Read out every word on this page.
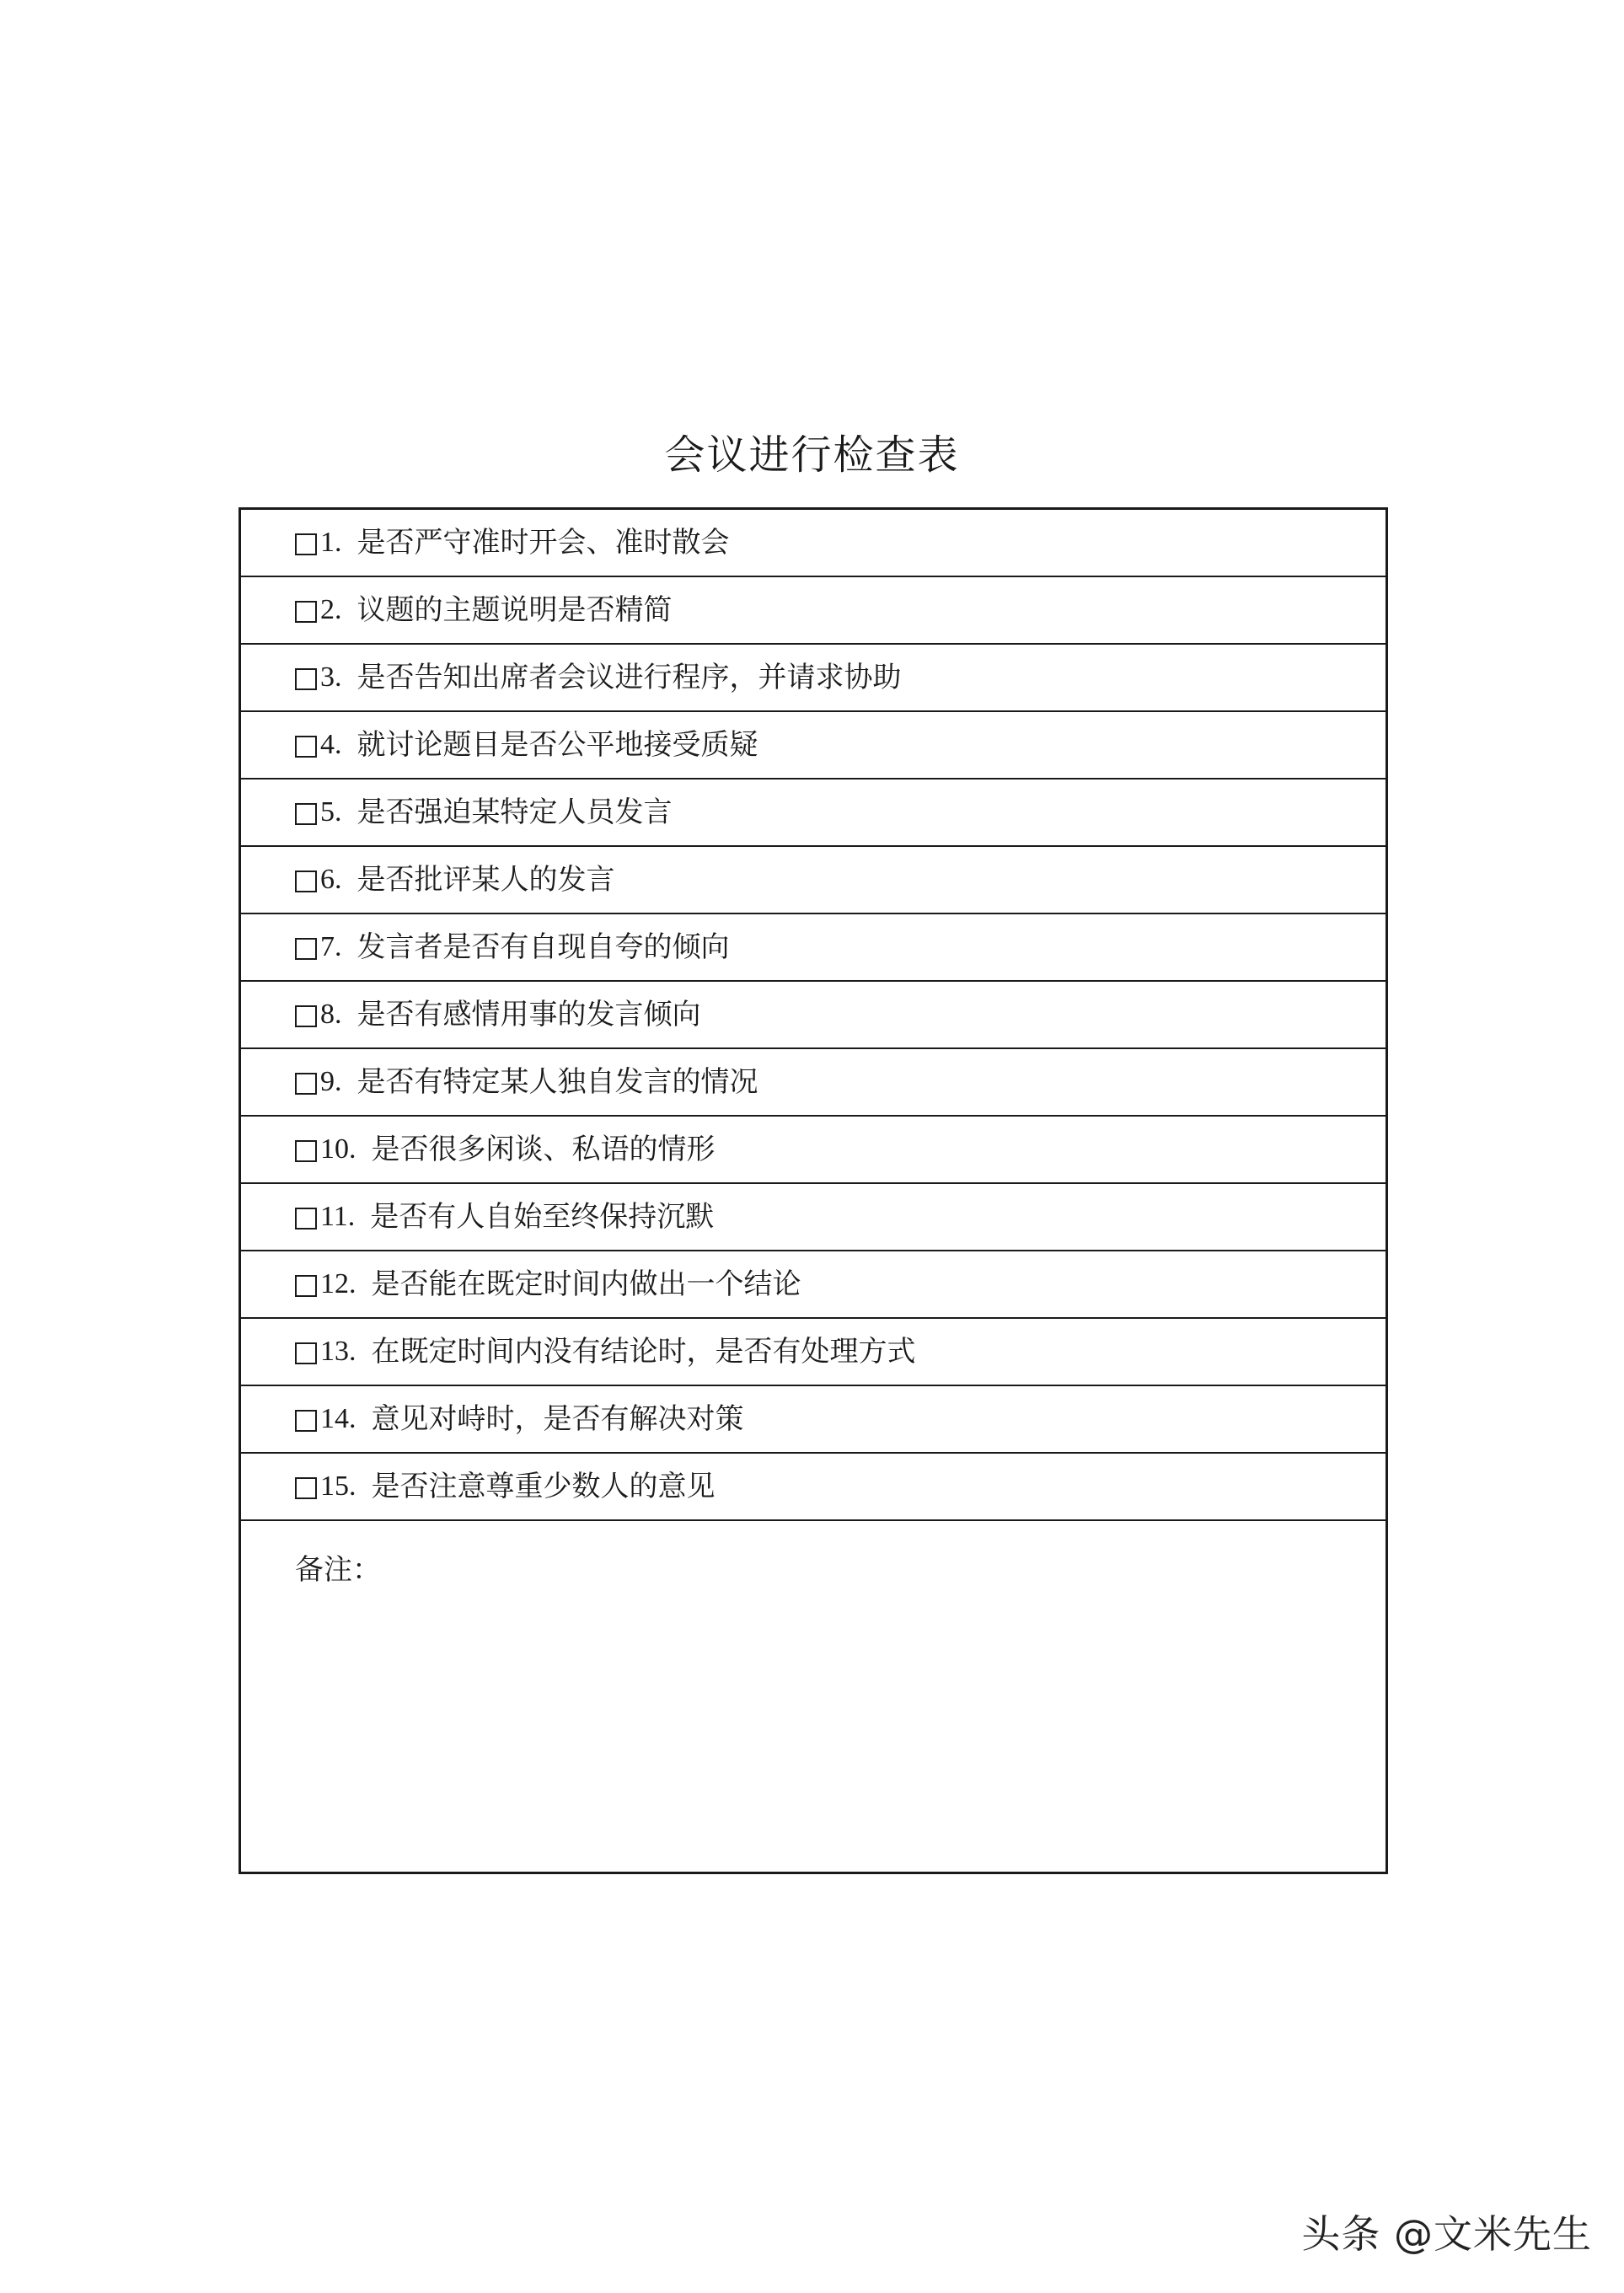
会议进行检查表
1. 是否严守准时开会、准时散会
2. 议题的主题说明是否精简
3. 是否告知出席者会议进行程序，并请求协助
4. 就讨论题目是否公平地接受质疑
5. 是否强迫某特定人员发言
6. 是否批评某人的发言
7. 发言者是否有自现自夸的倾向
8. 是否有感情用事的发言倾向
9. 是否有特定某人独自发言的情况
10. 是否很多闲谈、私语的情形
11. 是否有人自始至终保持沉默
12. 是否能在既定时间内做出一个结论
13. 在既定时间内没有结论时，是否有处理方式
14. 意见对峙时，是否有解决对策
15. 是否注意尊重少数人的意见
备注：
头条 @文米先生
